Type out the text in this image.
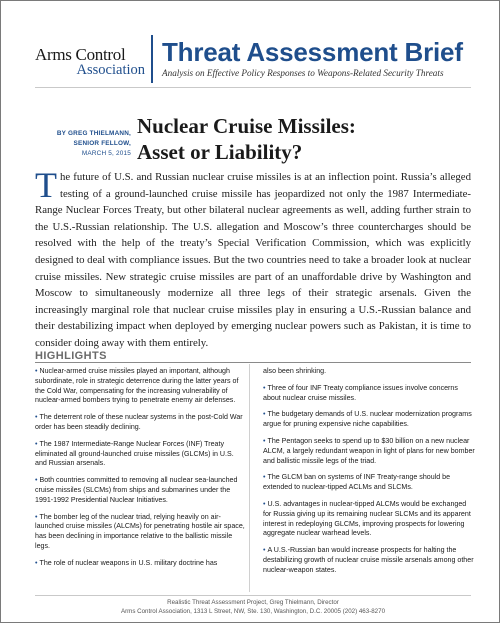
Arms Control
Association
Threat Assessment Brief
Analysis on Effective Policy Responses to Weapons-Related Security Threats
BY GREG THIELMANN,
SENIOR FELLOW,
MARCH 5, 2015
Nuclear Cruise Missiles:
Asset or Liability?
The future of U.S. and Russian nuclear cruise missiles is at an inflection point. Russia’s alleged testing of a ground-launched cruise missile has jeopardized not only the 1987 Intermediate-Range Nuclear Forces Treaty, but other bilateral nuclear agreements as well, adding further strain to the U.S.-Russian relationship. The U.S. allegation and Moscow’s three countercharges should be resolved with the help of the treaty’s Special Verification Commission, which was explicitly designed to deal with compliance issues. But the two countries need to take a broader look at nuclear cruise missiles. New strategic cruise missiles are part of an unaffordable drive by Washington and Moscow to simultaneously modernize all three legs of their strategic arsenals. Given the increasingly marginal role that nuclear cruise missiles play in ensuring a U.S.-Russian balance and their destabilizing impact when deployed by emerging nuclear powers such as Pakistan, it is time to consider doing away with them entirely.
HIGHLIGHTS
• Nuclear-armed cruise missiles played an important, although subordinate, role in strategic deterrence during the latter years of the Cold War, compensating for the increasing vulnerability of nuclear-armed bombers trying to penetrate enemy air defenses.
• The deterrent role of these nuclear systems in the post-Cold War order has been steadily declining.
• The 1987 Intermediate-Range Nuclear Forces (INF) Treaty eliminated all ground-launched cruise missiles (GLCMs) in U.S. and Russian arsenals.
• Both countries committed to removing all nuclear sea-launched cruise missiles (SLCMs) from ships and submarines under the 1991-1992 Presidential Nuclear Initiatives.
• The bomber leg of the nuclear triad, relying heavily on air-launched cruise missiles (ALCMs) for penetrating hostile air space, has been declining in importance relative to the ballistic missile legs.
• The role of nuclear weapons in U.S. military doctrine has
also been shrinking.
• Three of four INF Treaty compliance issues involve concerns about nuclear cruise missiles.
• The budgetary demands of U.S. nuclear modernization programs argue for pruning expensive niche capabilities.
• The Pentagon seeks to spend up to $30 billion on a new nuclear ALCM, a largely redundant weapon in light of plans for new bomber and ballistic missile legs of the triad.
• The GLCM ban on systems of INF Treaty-range should be extended to nuclear-tipped ACLMs and SLCMs.
• U.S. advantages in nuclear-tipped ALCMs would be exchanged for Russia giving up its remaining nuclear SLCMs and its apparent interest in redeploying GLCMs, improving prospects for lowering aggregate nuclear warhead levels.
• A U.S.-Russian ban would increase prospects for halting the destabilizing growth of nuclear cruise missile arsenals among other nuclear-weapon states.
Realistic Threat Assessment Project, Greg Thielmann, Director
Arms Control Association, 1313 L Street, NW, Ste. 130, Washington, D.C. 20005 (202) 463-8270
